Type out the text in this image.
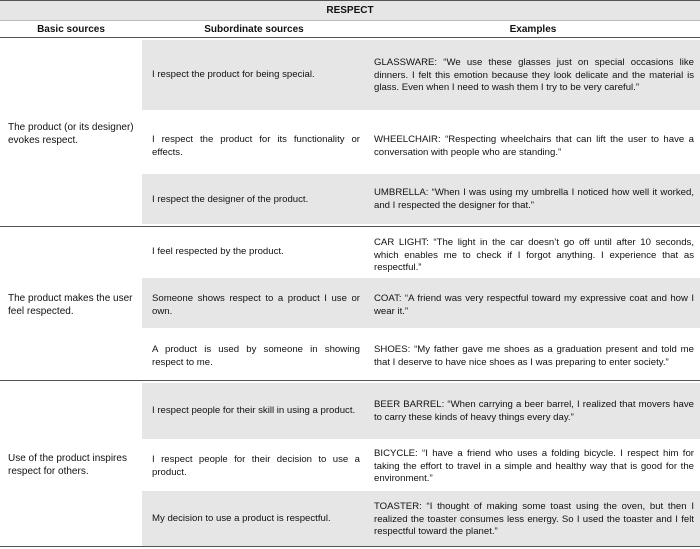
RESPECT
Basic sources	Subordinate sources	Examples
The product (or its designer) evokes respect.
I respect the product for being special.
GLASSWARE: “We use these glasses just on special occasions like dinners. I felt this emotion because they look delicate and the material is glass. Even when I need to wash them I try to be very careful.”
I respect the product for its functionality or effects.
WHEELCHAIR: “Respecting wheelchairs that can lift the user to have a conversation with people who are standing.”
I respect the designer of the product.
UMBRELLA: “When I was using my umbrella I noticed how well it worked, and I respected the designer for that.”
The product makes the user feel respected.
I feel respected by the product.
CAR LIGHT: “The light in the car doesn’t go off until after 10 seconds, which enables me to check if I forgot anything. I experience that as respectful.”
Someone shows respect to a product I use or own.
COAT: “A friend was very respectful toward my expressive coat and how I wear it.”
A product is used by someone in showing respect to me.
SHOES: “My father gave me shoes as a graduation present and told me that I deserve to have nice shoes as I was preparing to enter society.”
Use of the product inspires respect for others.
I respect people for their skill in using a product.
BEER BARREL: “When carrying a beer barrel, I realized that movers have to carry these kinds of heavy things every day.”
I respect people for their decision to use a product.
BICYCLE: “I have a friend who uses a folding bicycle. I respect him for taking the effort to travel in a simple and healthy way that is good for the environment.”
My decision to use a product is respectful.
TOASTER: “I thought of making some toast using the oven, but then I realized the toaster consumes less energy. So I used the toaster and I felt respectful toward the planet.”
